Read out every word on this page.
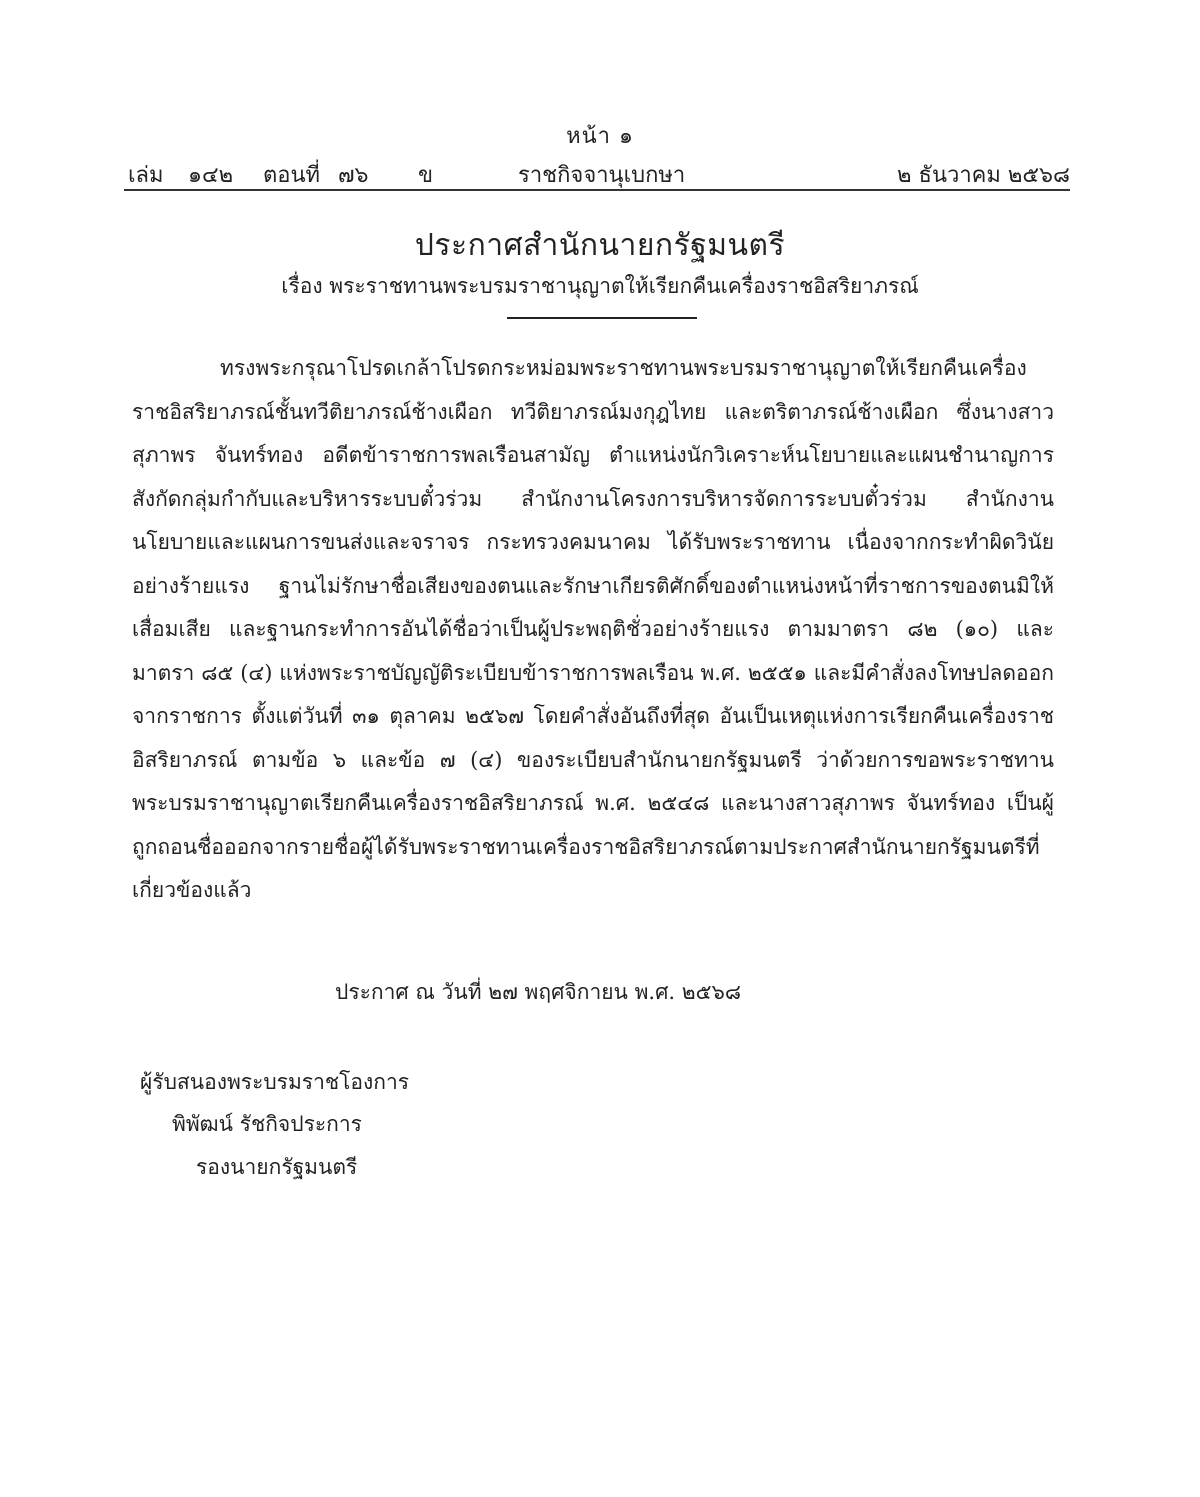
หน้า ๑
เล่ม ๑๔๒ ตอนที่ ๗๖ ข	ราชกิจจานุเบกษา	๒ ธันวาคม ๒๕๖๘
ประกาศสำนักนายกรัฐมนตรี
เรื่อง พระราชทานพระบรมราชานุญาตให้เรียกคืนเครื่องราชอิสริยาภรณ์

ทรงพระกรุณาโปรดเกล้าโปรดกระหม่อมพระราชทานพระบรมราชานุญาตให้เรียกคืนเครื่องราชอิสริยาภรณ์ชั้นทวีติยาภรณ์ช้างเผือก ทวีติยาภรณ์มงกุฎไทย และตริตาภรณ์ช้างเผือก ซึ่งนางสาวสุภาพร จันทร์ทอง อดีตข้าราชการพลเรือนสามัญ ตำแหน่งนักวิเคราะห์นโยบายและแผนชำนาญการ สังกัดกลุ่มกำกับและบริหารระบบตั๋วร่วม สำนักงานโครงการบริหารจัดการระบบตั๋วร่วม สำนักงานนโยบายและแผนการขนส่งและจราจร กระทรวงคมนาคม ได้รับพระราชทาน เนื่องจากกระทำผิดวินัยอย่างร้ายแรง ฐานไม่รักษาชื่อเสียงของตนและรักษาเกียรติศักดิ์ของตำแหน่งหน้าที่ราชการของตนมิให้เสื่อมเสีย และฐานกระทำการอันได้ชื่อว่าเป็นผู้ประพฤติชั่วอย่างร้ายแรง ตามมาตรา ๘๒ (๑๐) และมาตรา ๘๕ (๔) แห่งพระราชบัญญัติระเบียบข้าราชการพลเรือน พ.ศ. ๒๕๕๑ และมีคำสั่งลงโทษปลดออกจากราชการ ตั้งแต่วันที่ ๓๑ ตุลาคม ๒๕๖๗ โดยคำสั่งอันถึงที่สุด อันเป็นเหตุแห่งการเรียกคืนเครื่องราชอิสริยาภรณ์ ตามข้อ ๖ และข้อ ๗ (๔) ของระเบียบสำนักนายกรัฐมนตรี ว่าด้วยการขอพระราชทานพระบรมราชานุญาตเรียกคืนเครื่องราชอิสริยาภรณ์ พ.ศ. ๒๕๔๘ และนางสาวสุภาพร จันทร์ทอง เป็นผู้ถูกถอนชื่อออกจากรายชื่อผู้ได้รับพระราชทานเครื่องราชอิสริยาภรณ์ตามประกาศสำนักนายกรัฐมนตรีที่เกี่ยวข้องแล้ว

ประกาศ ณ วันที่ ๒๗ พฤศจิกายน พ.ศ. ๒๕๖๘
ผู้รับสนองพระบรมราชโองการ
พิพัฒน์ รัชกิจประการ
รองนายกรัฐมนตรี
